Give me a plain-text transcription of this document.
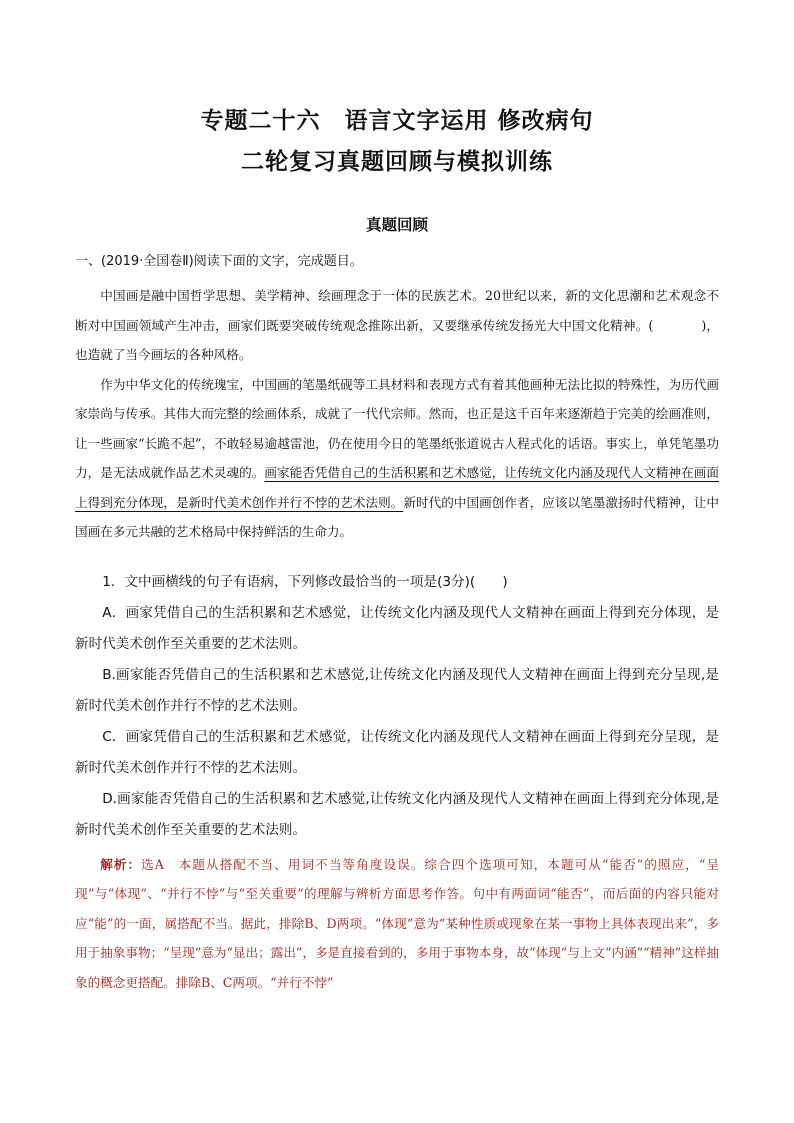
专题二十六　语言文字运用 修改病句
二轮复习真题回顾与模拟训练
真题回顾
一、(2019·全国卷Ⅱ)阅读下面的文字，完成题目。

中国画是融中国哲学思想、美学精神、绘画理念于一体的民族艺术。20世纪以来，新的文化思潮和艺术观念不断对中国画领域产生冲击，画家们既要突破传统观念推陈出新，又要继承传统发扬光大中国文化精神。(	)，也造就了当今画坛的各种风格。

作为中华文化的传统瑰宝，中国画的笔墨纸砚等工具材料和表现方式有着其他画种无法比拟的特殊性，为历代画家崇尚与传承。其伟大而完整的绘画体系，成就了一代代宗师。然而，也正是这千百年来逐渐趋于完美的绘画准则，让一些画家“长跪不起”，不敢轻易逾越雷池，仍在使用今日的笔墨纸张道说古人程式化的话语。事实上，单凭笔墨功力，是无法成就作品艺术灵魂的。画家能否凭借自己的生活积累和艺术感觉，让传统文化内涵及现代人文精神在画面上得到充分体现，是新时代美术创作并行不悖的艺术法则。新时代的中国画创作者，应该以笔墨激扬时代精神，让中国画在多元共融的艺术格局中保持鲜活的生命力。

1．文中画横线的句子有语病，下列修改最恰当的一项是(3分)(　　)

A．画家凭借自己的生活积累和艺术感觉，让传统文化内涵及现代人文精神在画面上得到充分体现，是新时代美术创作至关重要的艺术法则。

B.画家能否凭借自己的生活积累和艺术感觉,让传统文化内涵及现代人文精神在画面上得到充分呈现,是新时代美术创作并行不悖的艺术法则。

C．画家凭借自己的生活积累和艺术感觉，让传统文化内涵及现代人文精神在画面上得到充分呈现，是新时代美术创作并行不悖的艺术法则。

D.画家能否凭借自己的生活积累和艺术感觉,让传统文化内涵及现代人文精神在画面上得到充分体现,是新时代美术创作至关重要的艺术法则。

解析：选A　本题从搭配不当、用词不当等角度设误。综合四个选项可知，本题可从“能否”的照应，“呈现”与“体现”、“并行不悖”与“至关重要”的理解与辨析方面思考作答。句中有两面词“能否”，而后面的内容只能对应“能”的一面，属搭配不当。据此，排除B、D两项。“体现”意为“某种性质或现象在某一事物上具体表现出来”，多用于抽象事物；“呈现”意为“显出；露出”，多是直接看到的，多用于事物本身，故“体现”与上文“内涵”“精神”这样抽象的概念更搭配。排除B、C两项。“并行不悖”
